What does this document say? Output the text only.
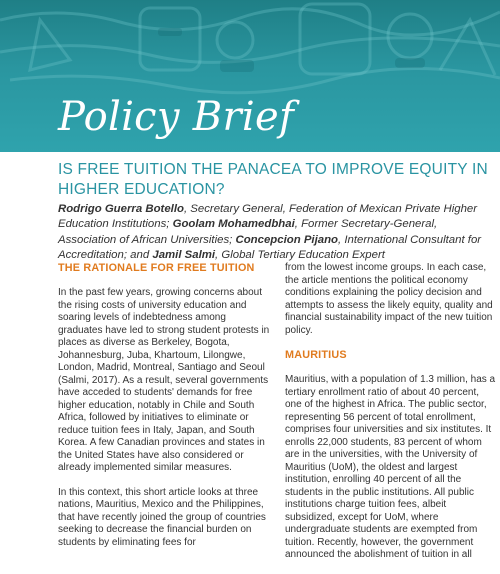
Policy Brief
IS FREE TUITION THE PANACEA TO IMPROVE EQUITY IN HIGHER EDUCATION?

Rodrigo Guerra Botello, Secretary General, Federation of Mexican Private Higher Education Institutions; Goolam Mohamedbhai, Former Secretary-General, Association of African Universities; Concepcion Pijano, International Consultant for Accreditation; and Jamil Salmi, Global Tertiary Education Expert

THE RATIONALE FOR FREE TUITION

In the past few years, growing concerns about the rising costs of university education and soaring levels of indebtedness among graduates have led to strong student protests in places as diverse as Berkeley, Bogota, Johannesburg, Juba, Khartoum, Lilongwe, London, Madrid, Montreal, Santiago and Seoul (Salmi, 2017). As a result, several governments have acceded to students' demands for free higher education, notably in Chile and South Africa, followed by initiatives to eliminate or reduce tuition fees in Italy, Japan, and South Korea. A few Canadian provinces and states in the United States have also considered or already implemented similar measures.

In this context, this short article looks at three nations, Mauritius, Mexico and the Philippines, that have recently joined the group of countries seeking to decrease the financial burden on students by eliminating fees for

from the lowest income groups. In each case, the article mentions the political economy conditions explaining the policy decision and attempts to assess the likely equity, quality and financial sustainability impact of the new tuition policy.

MAURITIUS

Mauritius, with a population of 1.3 million, has a tertiary enrollment ratio of about 40 percent, one of the highest in Africa. The public sector, representing 56 percent of total enrollment, comprises four universities and six institutes. It enrolls 22,000 students, 83 percent of whom are in the universities, with the University of Mauritius (UoM), the oldest and largest institution, enrolling 40 percent of all the students in the public institutions. All public institutions charge tuition fees, albeit subsidized, except for UoM, where undergraduate students are exempted from tuition. Recently, however, the government announced the abolishment of tuition in all
